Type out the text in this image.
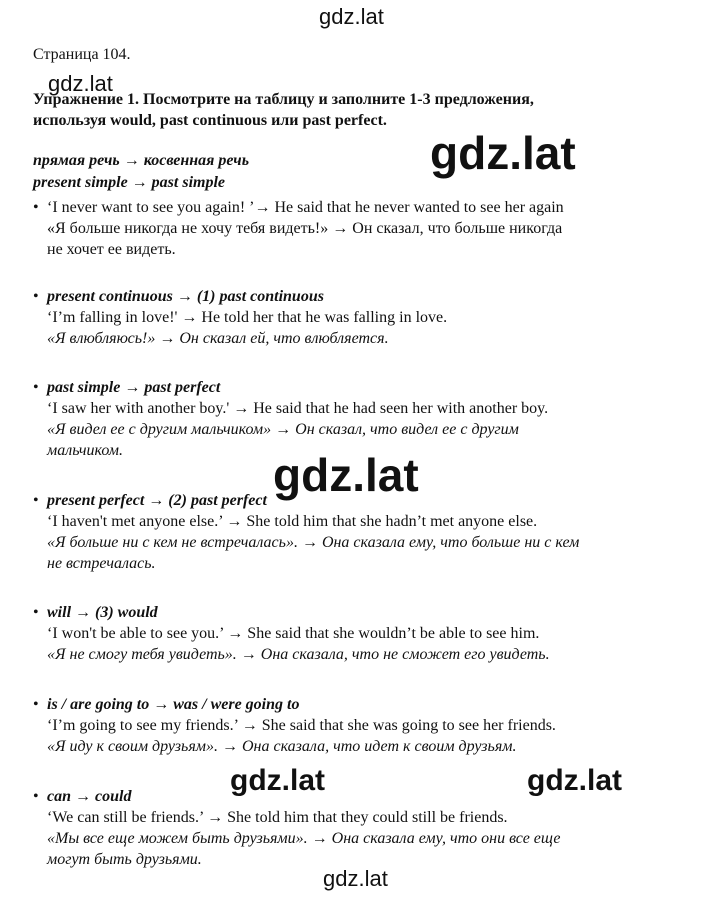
gdz.lat
gdz.lat
gdz.lat
Страница 104.
Упражнение 1. Посмотрите на таблицу и заполните 1-3 предложения,
используя would, past continuous или past perfect.
прямая речь → косвенная речь
present simple → past simple
• ‘I never want to see you again! ’→ He said that he never wanted to see her again
«Я больше никогда не хочу тебя видеть!» → Он сказал, что больше никогда
не хочет ее видеть.
• present continuous → (1) past continuous
‘I’m falling in love!' → He told her that he was falling in love.
«Я влюбляюсь!» → Он сказал ей, что влюбляется.
• past simple → past perfect
‘I saw her with another boy.' → He said that he had seen her with another boy.
«Я видел ее с другим мальчиком» → Он сказал, что видел ее с другим
мальчиком.
• present perfect → (2) past perfect
‘I haven't met anyone else.’ → She told him that she hadn’t met anyone else.
«Я больше ни с кем не встречалась». → Она сказала ему, что больше ни с кем
не встречалась.
• will → (3) would
‘I won't be able to see you.’ → She said that she wouldn’t be able to see him.
«Я не смогу тебя увидеть». → Она сказала, что не сможет его увидеть.
• is / are going to → was / were going to
‘I’m going to see my friends.’ → She said that she was going to see her friends.
«Я иду к своим друзьям». → Она сказала, что идет к своим друзьям.
• can → could
‘We can still be friends.’ → She told him that they could still be friends.
«Мы все еще можем быть друзьями». → Она сказала ему, что они все еще
могут быть друзьями.
gdz.lat
gdz.lat	gdz.lat
gdz.lat
